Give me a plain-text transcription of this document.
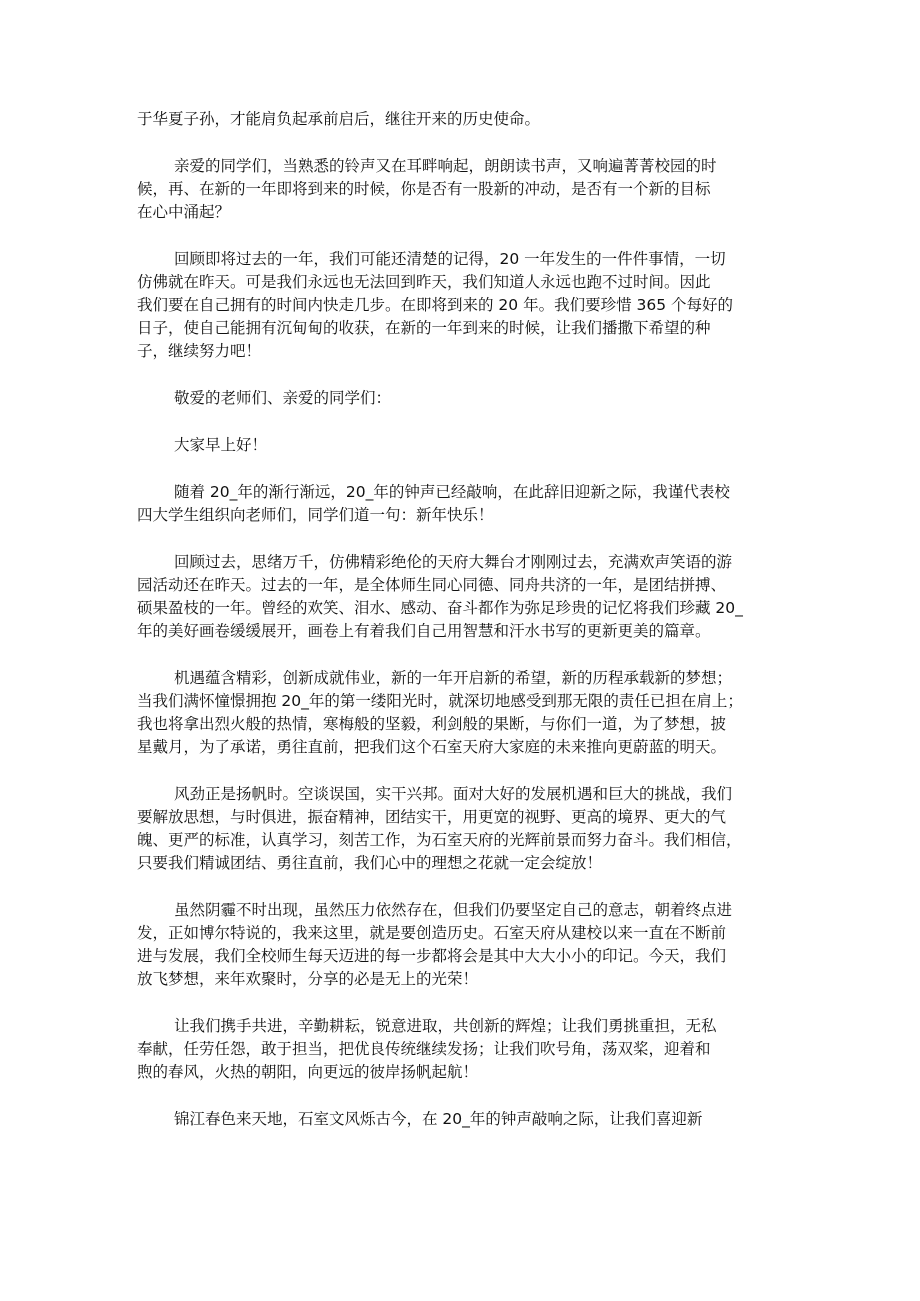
于华夏子孙，才能肩负起承前启后，继往开来的历史使命。

亲爱的同学们，当熟悉的铃声又在耳畔响起，朗朗读书声，又响遍菁菁校园的时
候，再、在新的一年即将到来的时候，你是否有一股新的冲动，是否有一个新的目标
在心中涌起？

回顾即将过去的一年，我们可能还清楚的记得，20 一年发生的一件件事情，一切
仿佛就在昨天。可是我们永远也无法回到昨天，我们知道人永远也跑不过时间。因此
我们要在自己拥有的时间内快走几步。在即将到来的 20 年。我们要珍惜 365 个每好的
日子，使自己能拥有沉甸甸的收获，在新的一年到来的时候，让我们播撒下希望的种
子，继续努力吧！

敬爱的老师们、亲爱的同学们：

大家早上好！

随着 20_年的渐行渐远，20_年的钟声已经敲响，在此辞旧迎新之际，我谨代表校
四大学生组织向老师们，同学们道一句：新年快乐！

回顾过去，思绪万千，仿佛精彩绝伦的天府大舞台才刚刚过去，充满欢声笑语的游
园活动还在昨天。过去的一年，是全体师生同心同德、同舟共济的一年，是团结拼搏、
硕果盈枝的一年。曾经的欢笑、泪水、感动、奋斗都作为弥足珍贵的记忆将我们珍藏 20_
年的美好画卷缓缓展开，画卷上有着我们自己用智慧和汗水书写的更新更美的篇章。

机遇蕴含精彩，创新成就伟业，新的一年开启新的希望，新的历程承载新的梦想；
当我们满怀憧憬拥抱 20_年的第一缕阳光时，就深切地感受到那无限的责任已担在肩上；
我也将拿出烈火般的热情，寒梅般的坚毅，利剑般的果断，与你们一道，为了梦想，披
星戴月，为了承诺，勇往直前，把我们这个石室天府大家庭的未来推向更蔚蓝的明天。

风劲正是扬帆时。空谈误国，实干兴邦。面对大好的发展机遇和巨大的挑战，我们
要解放思想，与时俱进，振奋精神，团结实干，用更宽的视野、更高的境界、更大的气
魄、更严的标准，认真学习，刻苦工作，为石室天府的光辉前景而努力奋斗。我们相信，
只要我们精诚团结、勇往直前，我们心中的理想之花就一定会绽放！

虽然阴霾不时出现，虽然压力依然存在，但我们仍要坚定自己的意志，朝着终点进
发，正如博尔特说的，我来这里，就是要创造历史。石室天府从建校以来一直在不断前
进与发展，我们全校师生每天迈进的每一步都将会是其中大大小小的印记。今天，我们
放飞梦想，来年欢聚时，分享的必是无上的光荣！

让我们携手共进，辛勤耕耘，锐意进取，共创新的辉煌；让我们勇挑重担，无私
奉献，任劳任怨，敢于担当，把优良传统继续发扬；让我们吹号角，荡双桨，迎着和
煦的春风，火热的朝阳，向更远的彼岸扬帆起航！

锦江春色来天地，石室文风烁古今，在 20_年的钟声敲响之际，让我们喜迎新
